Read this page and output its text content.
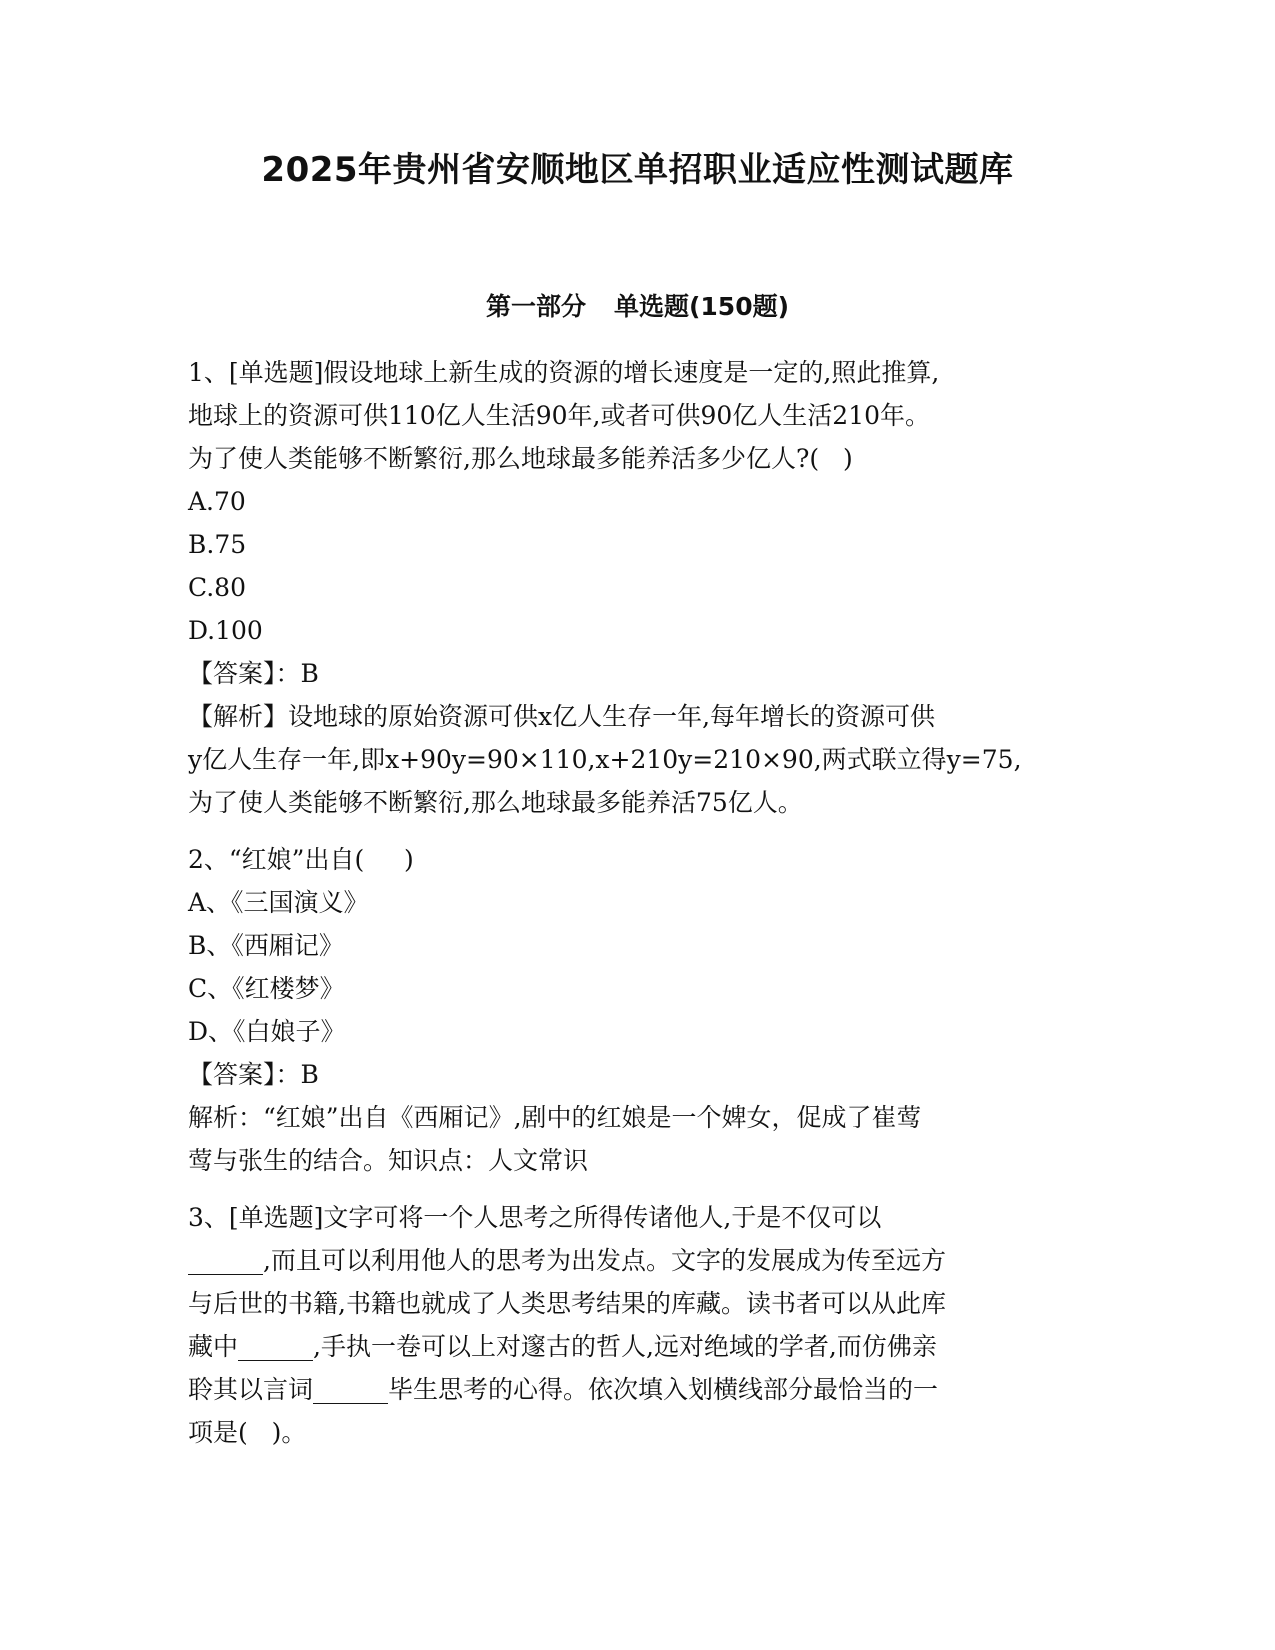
2025年贵州省安顺地区单招职业适应性测试题库
第一部分 单选题(150题)

1、[单选题]假设地球上新生成的资源的增长速度是一定的,照此推算,

地球上的资源可供110亿人生活90年,或者可供90亿人生活210年。

为了使人类能够不断繁衍,那么地球最多能养活多少亿人?(   )

A.70

B.75

C.80

D.100

【答案】：B

【解析】设地球的原始资源可供x亿人生存一年,每年增长的资源可供

y亿人生存一年,即x+90y=90×110,x+210y=210×90,两式联立得y=75,

为了使人类能够不断繁衍,那么地球最多能养活75亿人。

2、“红娘”出自(     )

A、《三国演义》

B、《西厢记》

C、《红楼梦》

D、《白娘子》

【答案】：B

解析：“红娘”出自《西厢记》,剧中的红娘是一个婢女，促成了崔莺

莺与张生的结合。知识点：人文常识

3、[单选题]文字可将一个人思考之所得传诸他人,于是不仅可以

______,而且可以利用他人的思考为出发点。文字的发展成为传至远方

与后世的书籍,书籍也就成了人类思考结果的库藏。读书者可以从此库

藏中______,手执一卷可以上对邃古的哲人,远对绝域的学者,而仿佛亲

聆其以言词______毕生思考的心得。依次填入划横线部分最恰当的一

项是(   )。
